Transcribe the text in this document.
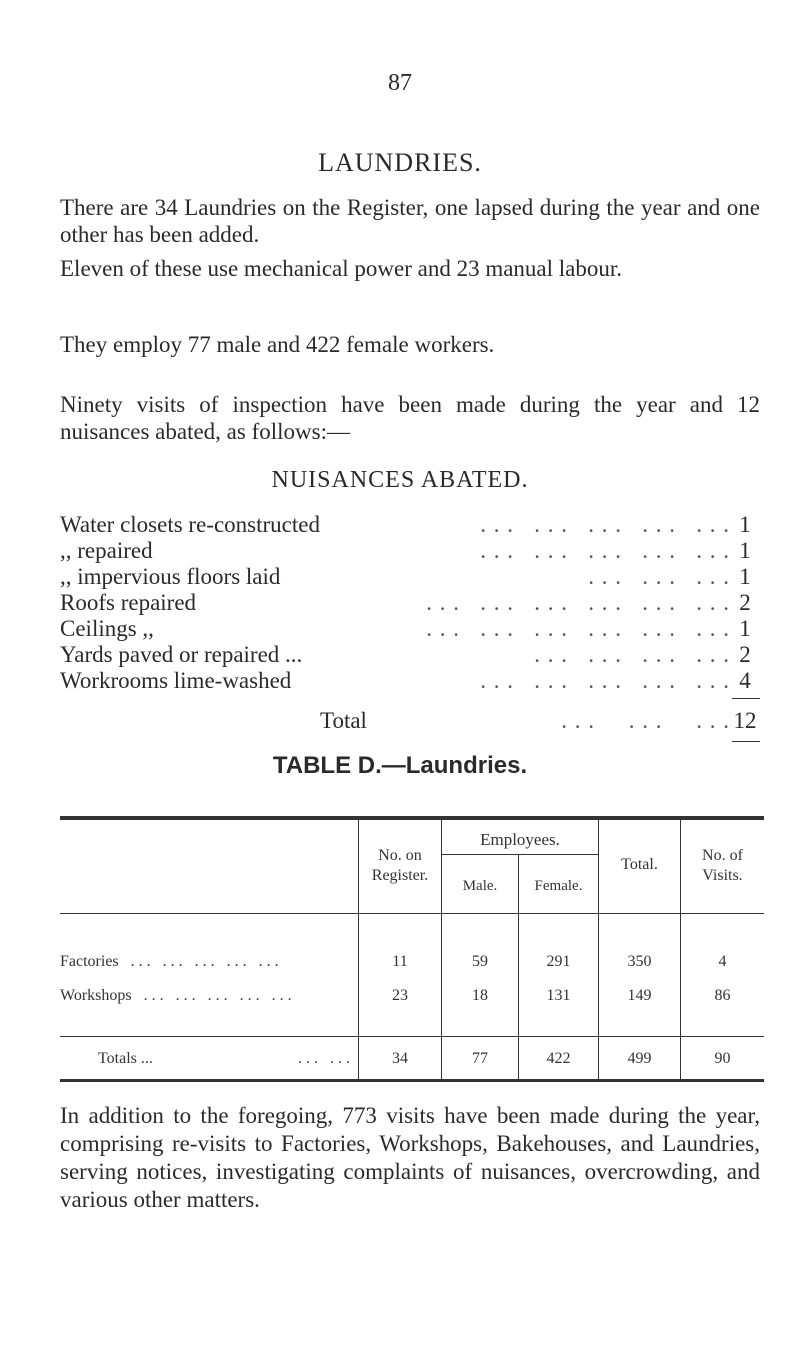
87
LAUNDRIES.
There are 34 Laundries on the Register, one lapsed during the year and one other has been added.
Eleven of these use mechanical power and 23 manual labour.
They employ 77 male and 422 female workers.
Ninety visits of inspection have been made during the year and 12 nuisances abated, as follows:—
NUISANCES ABATED.
. . .   . . .   . . .   . . .   . . .
Water closets re-constructed	1
. . .   . . .   . . .   . . .   . . .
,, repaired	1
. . .   . . .   . . .
,, impervious floors laid	1
. . .   . . .   . . .   . . .   . . .   . . .
Roofs repaired	2
. . .   . . .   . . .   . . .   . . .   . . .
Ceilings ,,	1
. . .   . . .   . . .   . . .
Yards paved or repaired ...	2
. . .   . . .   . . .   . . .   . . .
Workrooms lime-washed	4
Total	. . .     . . .     . . . 12
TABLE D.—Laundries.
No. on
Register.
Employees.
Male.	Female.
Total.
No. of
Visits.
Factories   . . .   . . .   . . .   . . .   . . .	11	59	291	350	4
Workshops   . . .   . . .   . . .   . . .   . . .	23	18	131	149	86
Totals ...	. . .   . . .	34	77	422	499	90
In addition to the foregoing, 773 visits have been made during the year, comprising re-visits to Factories, Workshops, Bakehouses, and Laundries, serving notices, investigating complaints of nuisances, overcrowding, and various other matters.
